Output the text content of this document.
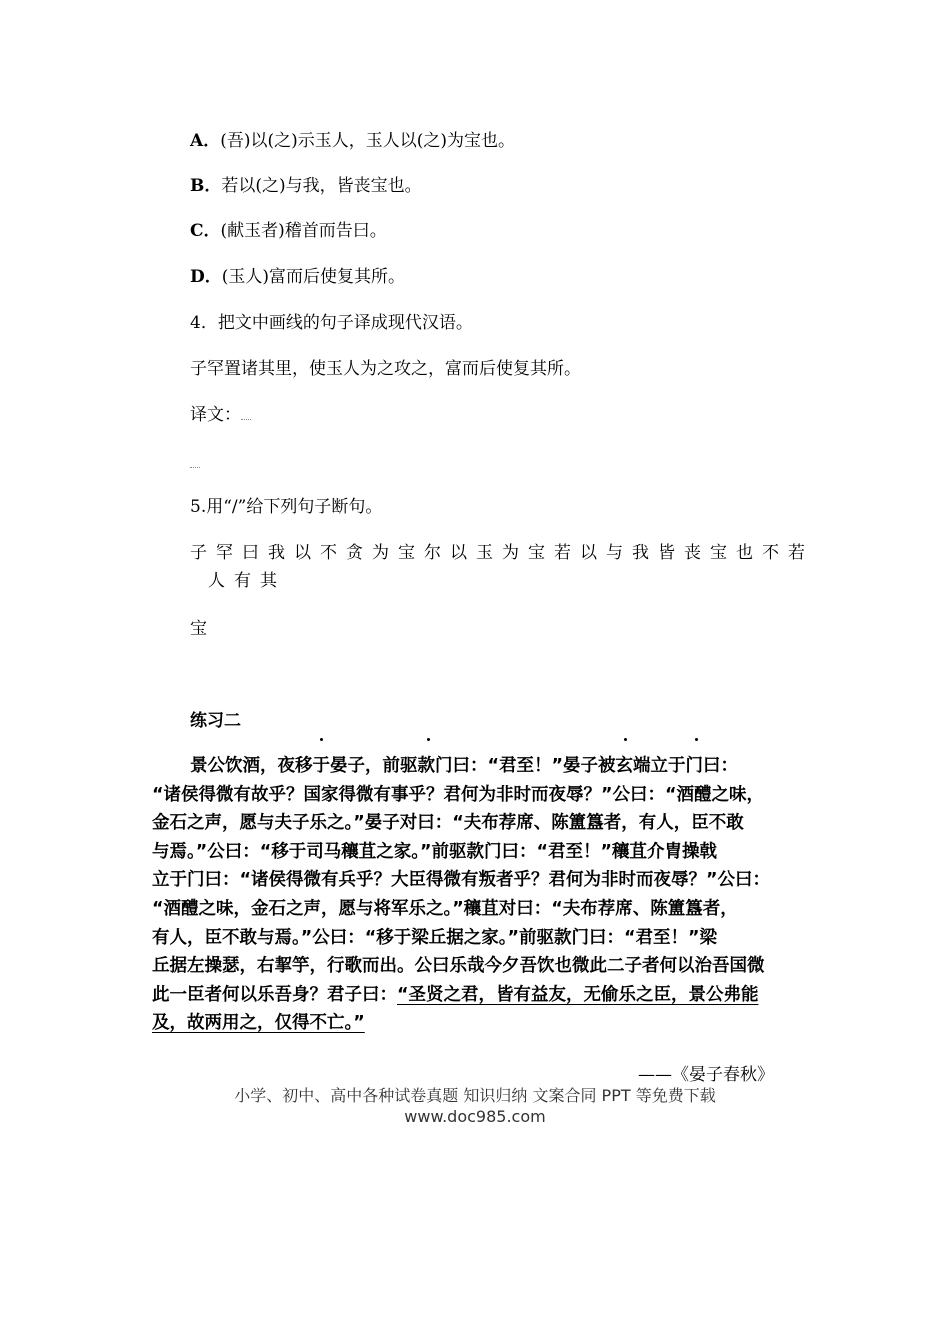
A．(吾)以(之)示玉人，玉人以(之)为宝也。
B．若以(之)与我，皆丧宝也。
C．(献玉者)稽首而告曰。
D．(玉人)富而后使复其所。
4．把文中画线的句子译成现代汉语。
子罕置诸其里，使玉人为之攻之，富而后使复其所。
译文：
5.用“/”给下列句子断句。
子罕曰我以不贪为宝尔以玉为宝若以与我皆丧宝也不若
人有其
宝
练习二
景公饮酒，夜移于晏子，前驱款门曰：“君至！”晏子被玄端立于门曰：
“诸侯得微有故乎？国家得微有事乎？君何为非时而夜辱？”公曰：“酒醴之味，
金石之声，愿与夫子乐之。”晏子对曰：“夫布荐席、陈簠簋者，有人，臣不敢
与焉。”公曰：“移于司马穰苴之家。”前驱款门曰：“君至！”穰苴介胄操戟
立于门曰：“诸侯得微有兵乎？大臣得微有叛者乎？君何为非时而夜辱？”公曰：
“酒醴之味，金石之声，愿与将军乐之。”穰苴对曰：“夫布荐席、陈簠簋者，
有人，臣不敢与焉。”公曰：“移于梁丘据之家。”前驱款门曰：“君至！”梁
丘据左操瑟，右挈竽，行歌而出。公曰乐哉今夕吾饮也微此二子者何以治吾国微
此一臣者何以乐吾身？君子曰：“圣贤之君，皆有益友，无偷乐之臣，景公弗能
及，故两用之，仅得不亡。”
——《晏子春秋》
小学、初中、高中各种试卷真题 知识归纳 文案合同 PPT 等免费下载
www.doc985.com
